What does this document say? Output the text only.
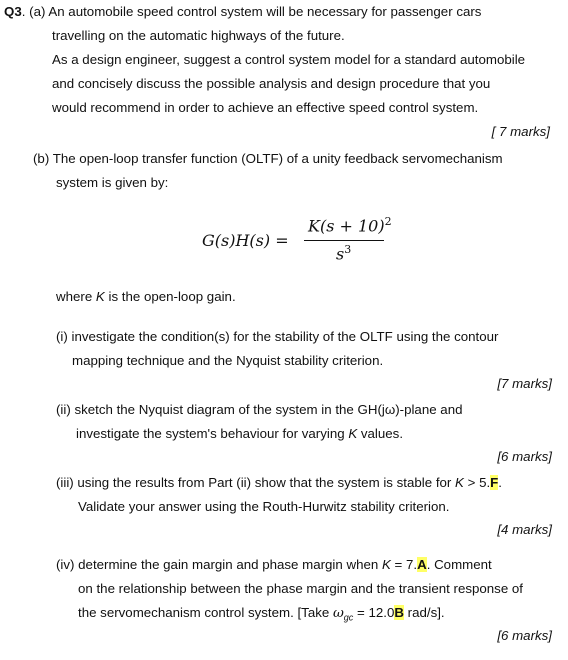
Q3. (a) An automobile speed control system will be necessary for passenger cars
travelling on the automatic highways of the future.
As a design engineer, suggest a control system model for a standard automobile
and concisely discuss the possible analysis and design procedure that you
would recommend in order to achieve an effective speed control system.
[ 7 marks]
(b) The open-loop transfer function (OLTF) of a unity feedback servomechanism
system is given by:
G(s)H(s) =
$K(s + 10)^2$
$s^3$
where K is the open-loop gain.
(i) investigate the condition(s) for the stability of the OLTF using the contour
mapping technique and the Nyquist stability criterion.
[7 marks]
(ii) sketch the Nyquist diagram of the system in the GH(jω)-plane and
investigate the system's behaviour for varying K values.
[6 marks]
(iii) using the results from Part (ii) show that the system is stable for K > 5.F.
Validate your answer using the Routh-Hurwitz stability criterion.
[4 marks]
(iv) determine the gain margin and phase margin when K = 7.A. Comment
on the relationship between the phase margin and the transient response of
the servomechanism control system. [Take $\omega_{gc} = 12.0B$ rad/s].
[6 marks]
